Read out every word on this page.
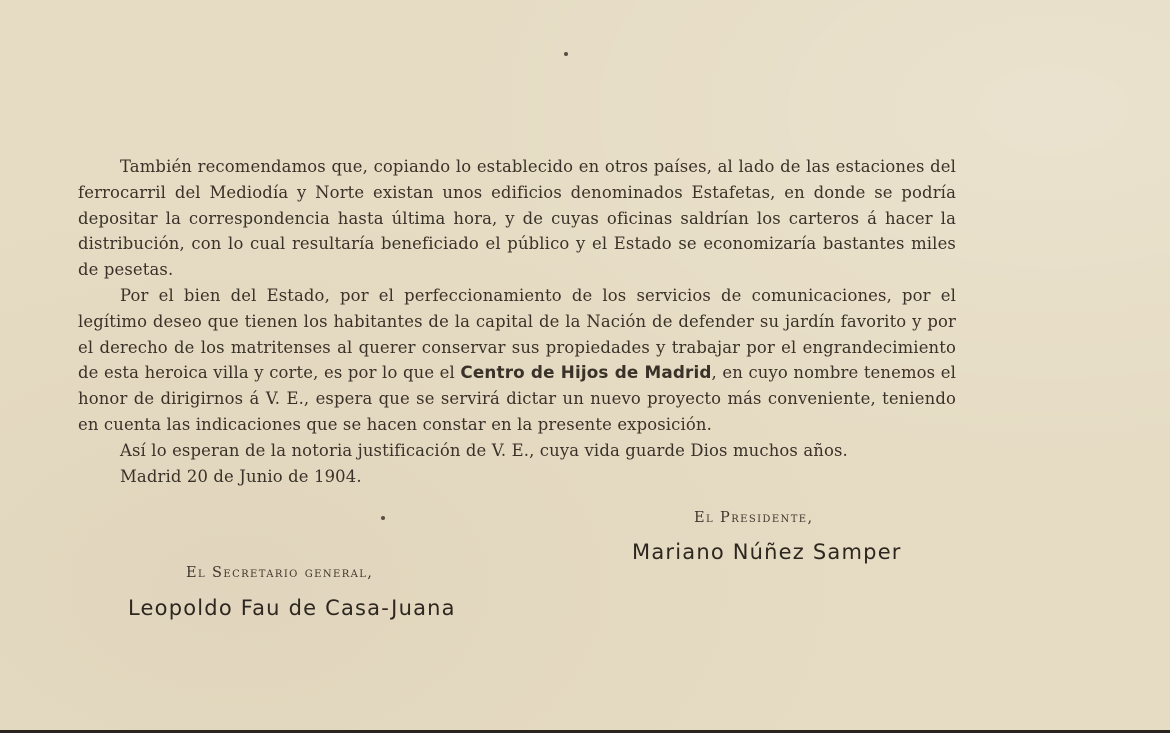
También recomendamos que, copiando lo establecido en otros países, al lado de las estaciones del ferrocarril del Mediodía y Norte existan unos edificios denominados Estafetas, en donde se podría depositar la correspondencia hasta última hora, y de cuyas oficinas saldrían los carteros á hacer la distribución, con lo cual resultaría beneficiado el público y el Estado se economizaría bastantes miles de pesetas.

Por el bien del Estado, por el perfeccionamiento de los servicios de comunicaciones, por el legítimo deseo que tienen los habitantes de la capital de la Nación de defender su jardín favorito y por el derecho de los matritenses al querer conservar sus propiedades y trabajar por el engrandecimiento de esta heroica villa y corte, es por lo que el Centro de Hijos de Madrid, en cuyo nombre tenemos el honor de dirigirnos á V. E., espera que se servirá dictar un nuevo proyecto más conveniente, teniendo en cuenta las indicaciones que se hacen constar en la presente exposición.

Así lo esperan de la notoria justificación de V. E., cuya vida guarde Dios muchos años.

Madrid 20 de Junio de 1904.

El Presidente,
Mariano Núñez Samper
El Secretario general,
Leopoldo Fau de Casa-Juana
